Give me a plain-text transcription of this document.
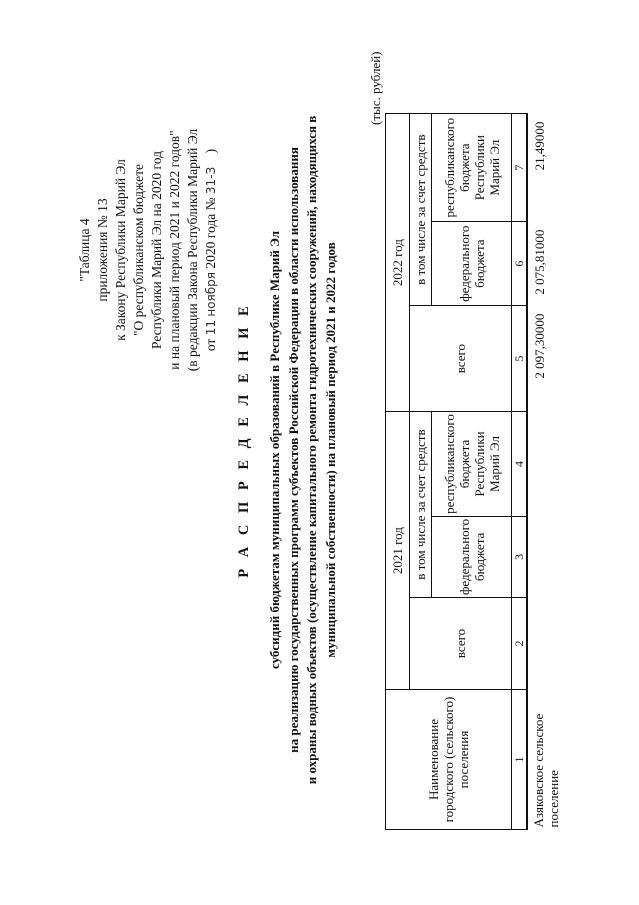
"Таблица 4 приложения № 13 к Закону Республики Марий Эл "О республиканском бюджете Республики Марий Эл на 2020 год и на плановый период 2021 и 2022 годов" (в редакции Закона Республики Марий Эл от 11 ноября 2020 года № 31-З    )
Р А С П Р Е Д Е Л Е Н И Е субсидий бюджетам муниципальных образований в Республике Марий Эл на реализацию государственных программ субъектов Российской Федерации в области использования и охраны водных объектов (осуществление капитального ремонта гидротехнических сооружений, находящихся в муниципальной собственности) на плановый период 2021 и 2022 годов
(тыс. рублей)
Наименование городского (сельского) поселения	2021 год			2022 год		
	всего	в том числе за счет средств		всего	в том числе за счет средств	
		федерального бюджета	республиканского бюджета Республики Марий Эл		федерального бюджета	республиканского бюджета Республики Марий Эл
1	2	3	4	5	6	7
Азяковское сельское поселение				2 097,30000	2 075,81000	21,49000
